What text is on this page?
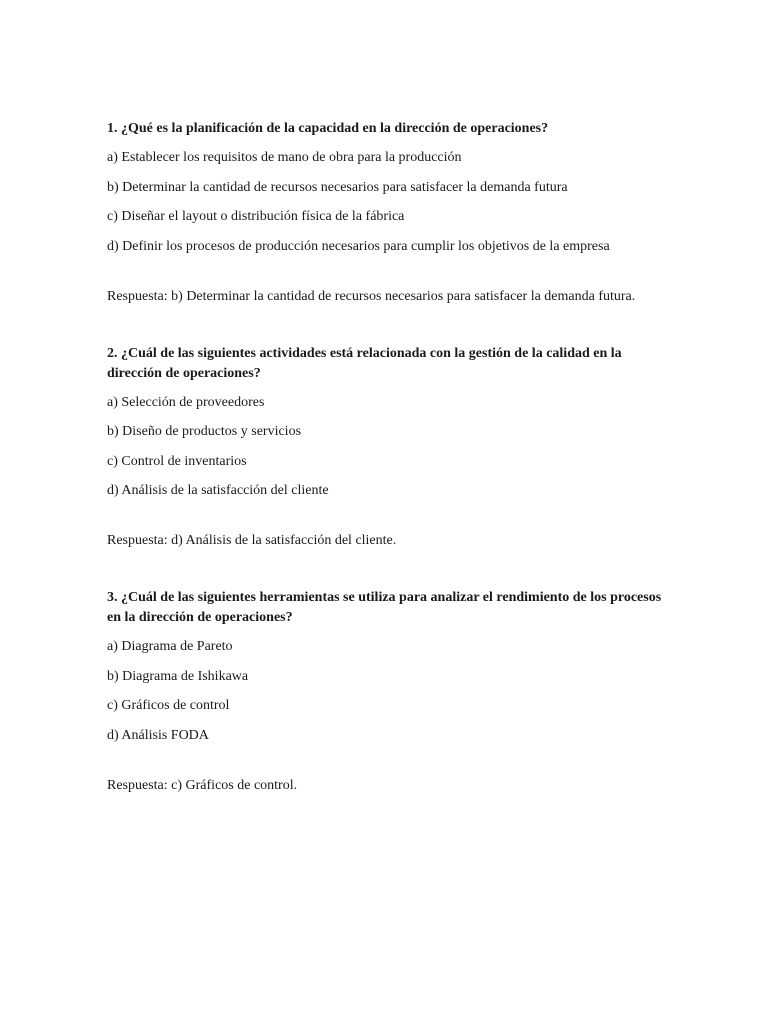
1. ¿Qué es la planificación de la capacidad en la dirección de operaciones?

a) Establecer los requisitos de mano de obra para la producción

b) Determinar la cantidad de recursos necesarios para satisfacer la demanda futura

c) Diseñar el layout o distribución física de la fábrica

d) Definir los procesos de producción necesarios para cumplir los objetivos de la empresa

Respuesta: b) Determinar la cantidad de recursos necesarios para satisfacer la demanda futura.

2. ¿Cuál de las siguientes actividades está relacionada con la gestión de la calidad en la dirección de operaciones?

a) Selección de proveedores

b) Diseño de productos y servicios

c) Control de inventarios

d) Análisis de la satisfacción del cliente

Respuesta: d) Análisis de la satisfacción del cliente.

3. ¿Cuál de las siguientes herramientas se utiliza para analizar el rendimiento de los procesos en la dirección de operaciones?

a) Diagrama de Pareto

b) Diagrama de Ishikawa

c) Gráficos de control

d) Análisis FODA

Respuesta: c) Gráficos de control.
